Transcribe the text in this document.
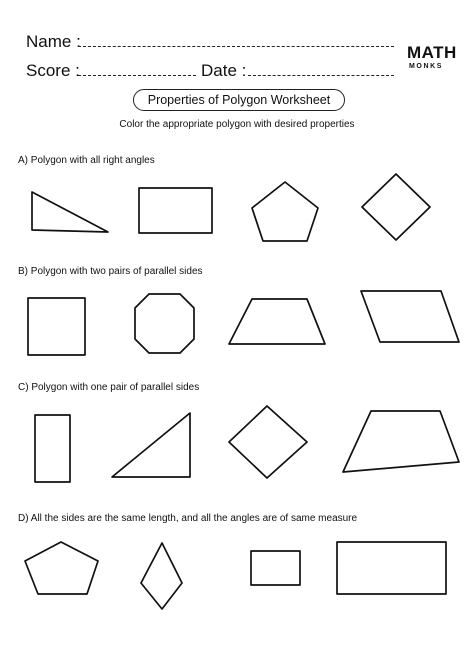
Name :
Score :	Date :
MATH
MONKS
Properties of Polygon Worksheet
Color the appropriate polygon with desired properties
A) Polygon with all right angles
B) Polygon with two pairs of parallel sides
C) Polygon with one pair of parallel sides
D) All the sides are the same length, and all the angles are of same measure
